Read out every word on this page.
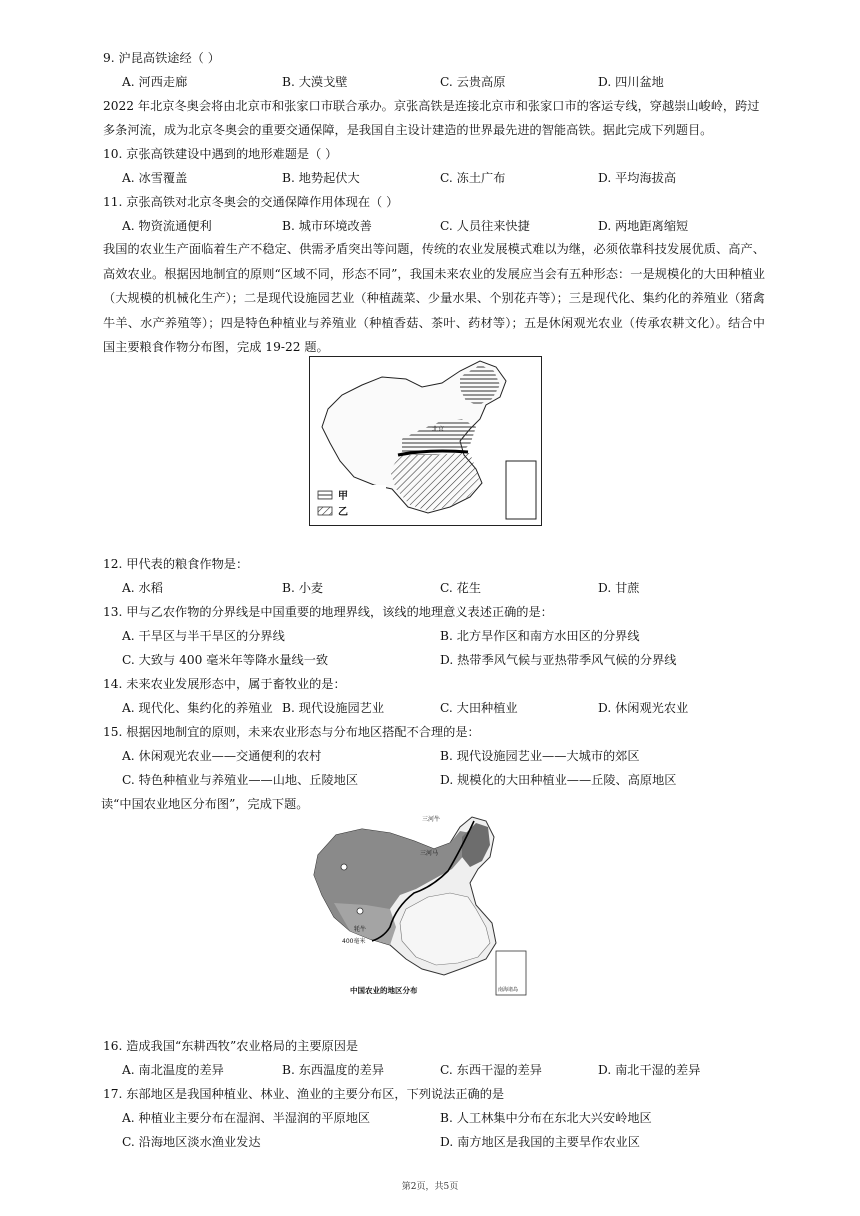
9. 沪昆高铁途经（ ）
A. 河西走廊	B. 大漠戈壁	C. 云贵高原	D. 四川盆地
2022 年北京冬奥会将由北京市和张家口市联合承办。京张高铁是连接北京市和张家口市的客运专线，穿越崇山峻岭，跨过
多条河流，成为北京冬奥会的重要交通保障，是我国自主设计建造的世界最先进的智能高铁。据此完成下列题目。
10. 京张高铁建设中遇到的地形难题是（ ）
A. 冰雪覆盖	B. 地势起伏大	C. 冻土广布	D. 平均海拔高
11. 京张高铁对北京冬奥会的交通保障作用体现在（ ）
A. 物资流通便利	B. 城市环境改善	C. 人员往来快捷	D. 两地距离缩短
我国的农业生产面临着生产不稳定、供需矛盾突出等问题，传统的农业发展模式难以为继，必须依靠科技发展优质、高产、高效农业。根据因地制宜的原则“区域不同，形态不同”，我国未来农业的发展应当会有五种形态：一是规模化的大田种植业（大规模的机械化生产）；二是现代设施园艺业（种植蔬菜、少量水果、个别花卉等）；三是现代化、集约化的养殖业（猪禽牛羊、水产养殖等）；四是特色种植业与养殖业（种植香菇、茶叶、药材等）；五是休闲观光农业（传承农耕文化）。结合中国主要粮食作物分布图，完成 19-22 题。
北京
甲
乙
12. 甲代表的粮食作物是：
A. 水稻	B. 小麦	C. 花生	D. 甘蔗
13. 甲与乙农作物的分界线是中国重要的地理界线，该线的地理意义表述正确的是：
A. 干旱区与半干旱区的分界线	B. 北方旱作区和南方水田区的分界线
C. 大致与 400 毫米年等降水量线一致	D. 热带季风气候与亚热带季风气候的分界线
14. 未来农业发展形态中，属于畜牧业的是：
A. 现代化、集约化的养殖业 B. 现代设施园艺业	C. 大田种植业	D. 休闲观光农业
15. 根据因地制宜的原则，未来农业形态与分布地区搭配不合理的是：
A. 休闲观光农业——交通便利的农村	B. 现代设施园艺业——大城市的郊区
C. 特色种植业与养殖业——山地、丘陵地区	D. 规模化的大田种植业——丘陵、高原地区
读“中国农业地区分布图”，完成下题。
三河牛
三河马
牦牛
400毫米
南海诸岛
中国农业的地区分布
16. 造成我国“东耕西牧”农业格局的主要原因是
A. 南北温度的差异	B. 东西温度的差异	C. 东西干湿的差异	D. 南北干湿的差异
17. 东部地区是我国种植业、林业、渔业的主要分布区，下列说法正确的是
A. 种植业主要分布在湿润、半湿润的平原地区	B. 人工林集中分布在东北大兴安岭地区
C. 沿海地区淡水渔业发达	D. 南方地区是我国的主要旱作农业区
第2页，共5页
